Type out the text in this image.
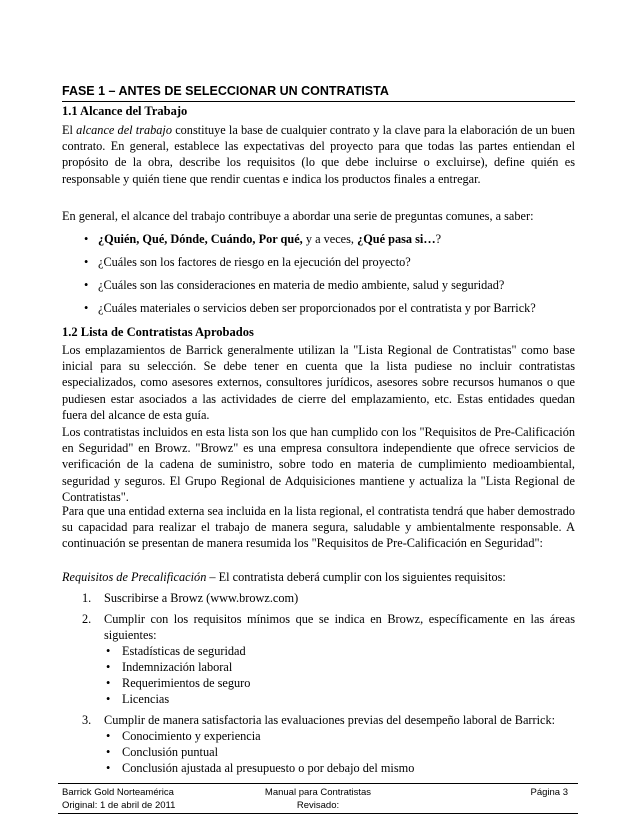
FASE 1 – ANTES DE SELECCIONAR UN CONTRATISTA
1.1 Alcance del Trabajo
El alcance del trabajo constituye la base de cualquier contrato y la clave para la elaboración de un buen contrato. En general, establece las expectativas del proyecto para que todas las partes entiendan el propósito de la obra, describe los requisitos (lo que debe incluirse o excluirse), define quién es responsable y quién tiene que rendir cuentas e indica los productos finales a entregar.
En general, el alcance del trabajo contribuye a abordar una serie de preguntas comunes, a saber:
• ¿Quién, Qué, Dónde, Cuándo, Por qué, y a veces, ¿Qué pasa si…?
• ¿Cuáles son los factores de riesgo en la ejecución del proyecto?
• ¿Cuáles son las consideraciones en materia de medio ambiente, salud y seguridad?
• ¿Cuáles materiales o servicios deben ser proporcionados por el contratista y por Barrick?
1.2 Lista de Contratistas Aprobados
Los emplazamientos de Barrick generalmente utilizan la "Lista Regional de Contratistas" como base inicial para su selección. Se debe tener en cuenta que la lista pudiese no incluir contratistas especializados, como asesores externos, consultores jurídicos, asesores sobre recursos humanos o que pudiesen estar asociados a las actividades de cierre del emplazamiento, etc. Estas entidades quedan fuera del alcance de esta guía.
Los contratistas incluidos en esta lista son los que han cumplido con los "Requisitos de Pre-Calificación en Seguridad" en Browz. "Browz" es una empresa consultora independiente que ofrece servicios de verificación de la cadena de suministro, sobre todo en materia de cumplimiento medioambiental, seguridad y seguros. El Grupo Regional de Adquisiciones mantiene y actualiza la "Lista Regional de Contratistas".
Para que una entidad externa sea incluida en la lista regional, el contratista tendrá que haber demostrado su capacidad para realizar el trabajo de manera segura, saludable y ambientalmente responsable. A continuación se presentan de manera resumida los "Requisitos de Pre-Calificación en Seguridad":
Requisitos de Precalificación – El contratista deberá cumplir con los siguientes requisitos:
1. Suscribirse a Browz (www.browz.com)
2. Cumplir con los requisitos mínimos que se indica en Browz, específicamente en las áreas siguientes:
• Estadísticas de seguridad
• Indemnización laboral
• Requerimientos de seguro
• Licencias
3. Cumplir de manera satisfactoria las evaluaciones previas del desempeño laboral de Barrick:
• Conocimiento y experiencia
• Conclusión puntual
• Conclusión ajustada al presupuesto o por debajo del mismo
Barrick Gold Norteamérica
Original: 1 de abril de 2011
Manual para Contratistas
Revisado:
Página 3
